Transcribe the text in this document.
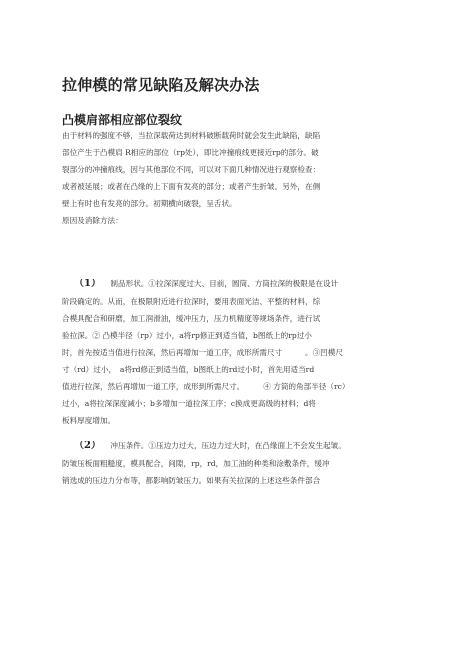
拉伸模的常见缺陷及解决办法
凸模肩部相应部位裂纹
由于材料的强度不够，当拉深载荷达到材料破断载荷时就会发生此缺陷，缺陷
部位产生于凸模肩 R相应的部位（rp处），即比冲撞痕线更接近rp的部分。破
裂部分的冲撞痕线，因与其他部位不同，可以对下面几种情况进行观察检查：
或者被延展；或者在凸缘的上下面有发亮的部分；或者产生折皱。另外，在侧
壁上有时也有发亮的部分。初期横向破裂，呈舌状。
原因及消除方法：
（1） 制品形状。①拉深深度过大、目前，圆筒、方筒拉深的极限是在设计
阶段确定的。从而，在极限附近进行拉深时，要用表面光洁、平整的材料，综
合模具配合和研磨，加工润滑油，缓冲压力，压力机精度等规场条件，进行试
验拉深。② 凸模半径（rp）过小，a将rp修正到适当值，b图纸上的rp过小
时，首先按适当值进行拉深，然后再增加一道工序，成形所需尺寸　　　。③凹模尺
寸（rd）过小，　a将rd修正到适当值，b图纸上的rd过小时，首先用适当rd
值进行拉深，然后再增加一道工序，成形到所需尺寸。　　　④ 方筒的角部半径（rc）
过小，a将拉深深度减小；b多增加一道拉深工序；c换成更高级的材料；d将
板料厚度增加。
（2） 冲压条件。①压边力过大，压边力过大时，在凸缘面上不会发生起皱。
防皱压板面粗糙度，模具配合，间隙，rp，rd，加工油的种类和涂敷条件，缓冲
销选成的压边力分布等，都影响防皱压力。如果有关拉深的上述这些条件部合
